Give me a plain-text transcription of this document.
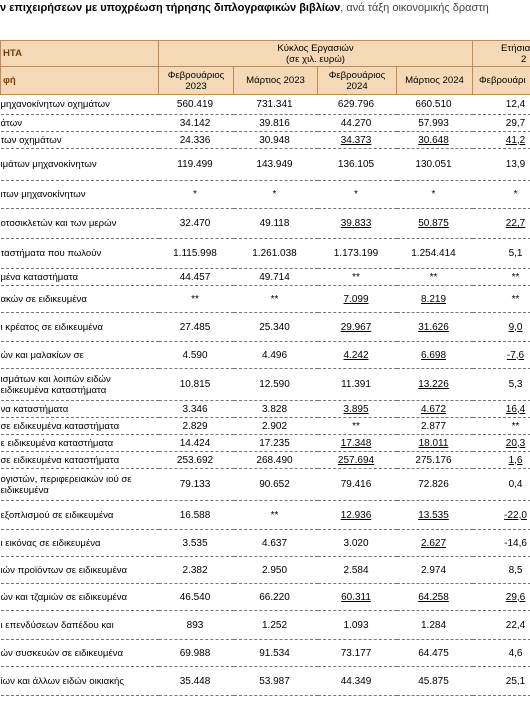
ν επιχειρήσεων με υποχρέωση τήρησης διπλογραφικών βιβλίων, ανά τάξη οικονομικής δραστη
ΗΤΑ	Κύκλος Εργασιών
(σε χιλ. ευρώ)				Ετήσια
2
φή	Φεβρουάριος 2023	Μάρτιος 2023	Φεβρουάριος 2024	Μάρτιος 2024	Φεβρουάρι
μηχανοκίνητων οχημάτων	560.419	731.341	629.796	660.510	12,4
άτων	34.142	39.816	44.270	57.993	29,7
των οχημάτων	24.336	30.948	34.373	30.648	41,2
ιμάτων μηχανοκίνητων	119.499	143.949	136.105	130.051	13,9
ιτων μηχανοκίνητων	*	*	*	*	*
οτοσικλετών και των μερών	32.470	49.118	39.833	50.875	22,7
ταστήματα που πωλούν	1.115.998	1.261.038	1.173.199	1.254.414	5,1
μένα καταστήματα	44.457	49.714	**	**	**
ακών σε ειδικευμένα	**	**	7.099	8.219	**
ι κρέατος σε ειδικευμένα	27.485	25.340	29.967	31.626	9,0
ών και μαλακίων σε	4.590	4.496	4.242	6.698	-7,6
ισμάτων και λοιπών ειδών ειδικευμένα καταστήματα	10.815	12.590	11.391	13.226	5,3
να καταστήματα	3.346	3.828	3.895	4.672	16,4
σε ειδικευμένα καταστήματα	2.829	2.902	**	2.877	**
ε ειδικευμένα καταστήματα	14.424	17.235	17.348	18.011	20,3
σε ειδικευμένα καταστήματα	253.692	268.490	257.694	275.176	1,6
ογιστών, περιφερειακών ιού σε ειδικευμένα	79.133	90.652	79.416	72.826	0,4
εξοπλισμού σε ειδικευμένα	16.588	**	12.936	13.535	-22,0
ι εικόνας σε ειδικευμένα	3.535	4.637	3.020	2.627	-14,6
ιών προϊόντων σε ειδικευμένα	2.382	2.950	2.584	2.974	8,5
ών και τζαμιών σε ειδικευμένα	46.540	66.220	60.311	64.258	29,6
ι επενδύσεων δαπέδου και	893	1.252	1.093	1.284	22,4
ών συσκευών σε ειδικευμένα	69.988	91.534	73.177	64.475	4,6
ίων και άλλων ειδών οικιακής	35.448	53.987	44.349	45.875	25,1
